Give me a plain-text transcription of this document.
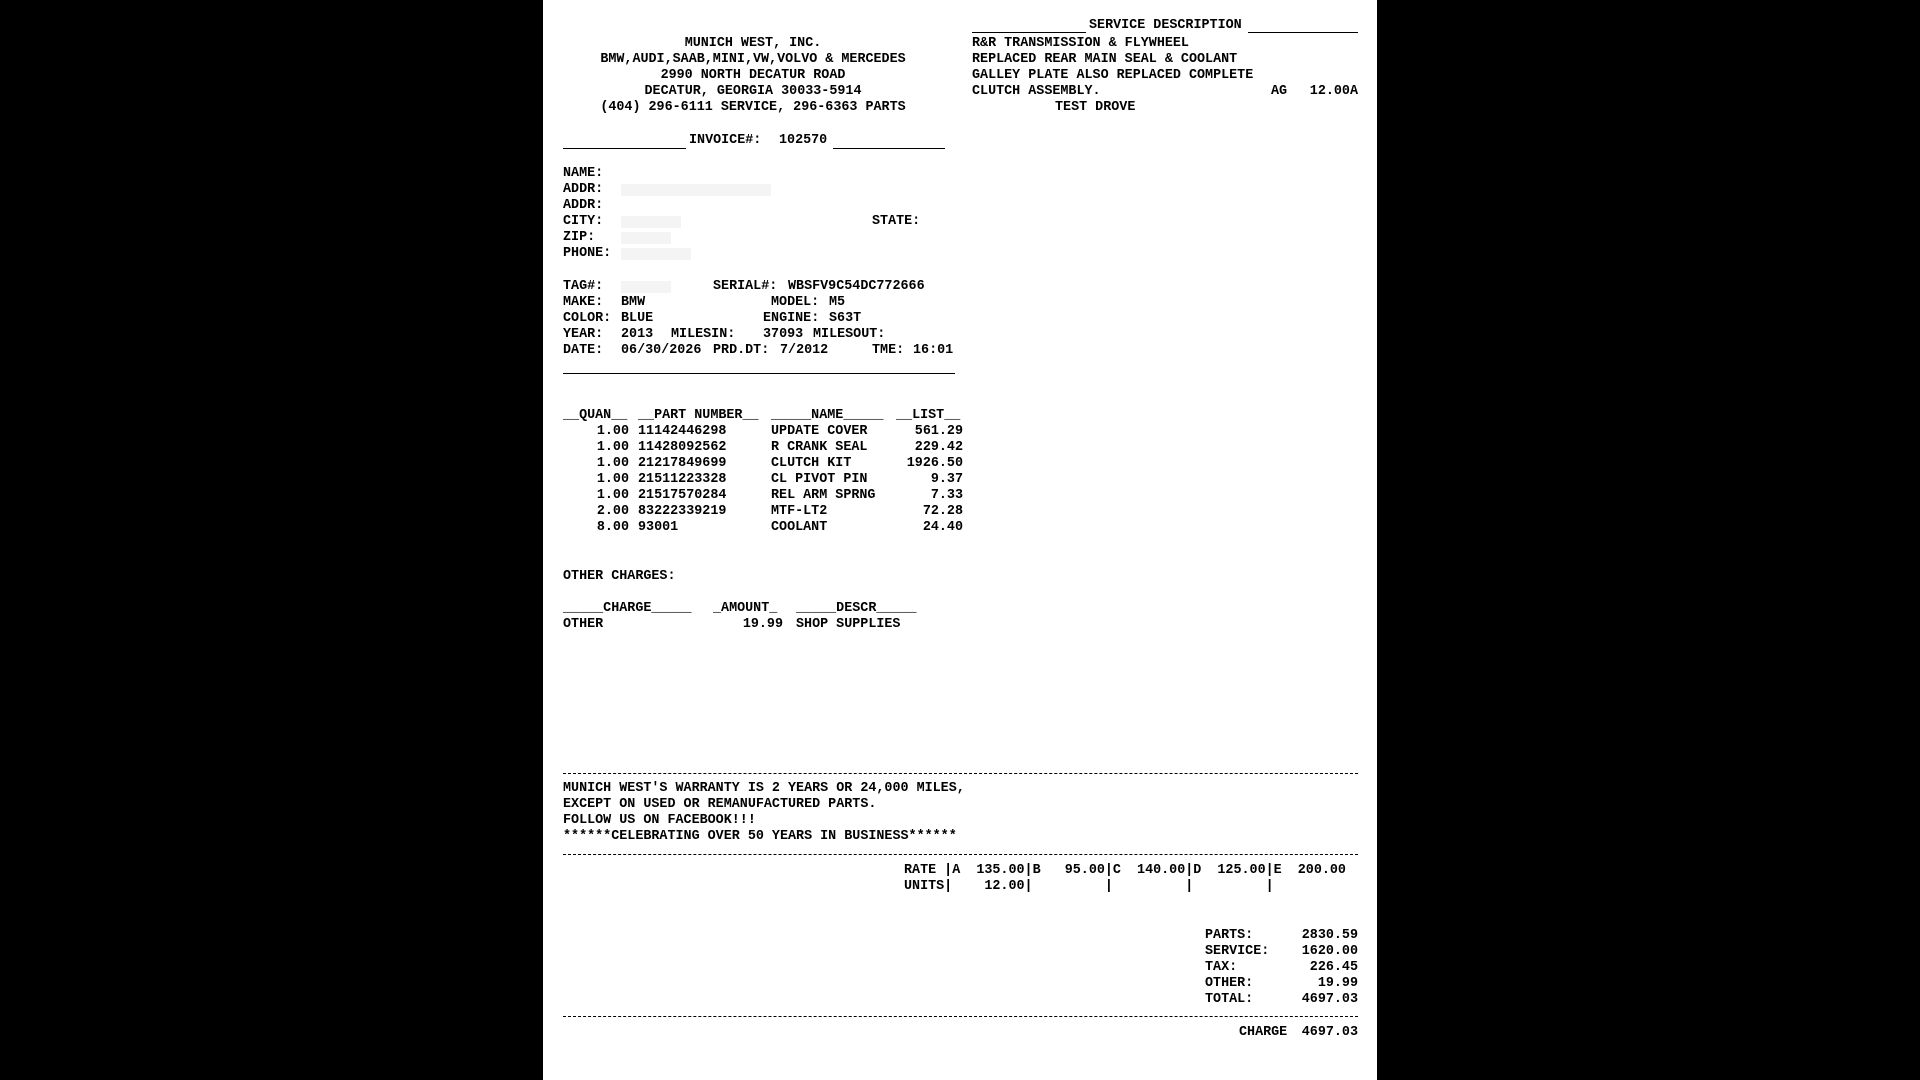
MUNICH WEST, INC.
BMW,AUDI,SAAB,MINI,VW,VOLVO & MERCEDES
2990 NORTH DECATUR ROAD
DECATUR, GEORGIA 30033-5914
(404) 296-6111 SERVICE, 296-6363 PARTS
INVOICE#: 102570
NAME:
ADDR:
ADDR:
CITY:	STATE:
ZIP:
PHONE:
TAG#:	SERIAL#: WBSFV9C54DC772666
MAKE: BMW	MODEL: M5
COLOR: BLUE	ENGINE: S63T
YEAR: 2013 MILESIN: 37093 MILESOUT:
DATE: 06/30/2026 PRD.DT: 7/2012	TME: 16:01
SERVICE DESCRIPTION
R&R TRANSMISSION & FLYWHEEL
REPLACED REAR MAIN SEAL & COOLANT
GALLEY PLATE ALSO REPLACED COMPLETE
CLUTCH ASSEMBLY.	AG	12.00A
TEST DROVE
__QUAN__ __PART NUMBER__ _____NAME_____ __LIST__
1.00 11142446298	UPDATE COVER	561.29
1.00 11428092562	R CRANK SEAL	229.42
1.00 21217849699	CLUTCH KIT	1926.50
1.00 21511223328	CL PIVOT PIN	9.37
1.00 21517570284	REL ARM SPRNG	7.33
2.00 83222339219	MTF-LT2	72.28
8.00 93001	COOLANT	24.40
OTHER CHARGES:
_____CHARGE_____ _AMOUNT_ _____DESCR_____
OTHER	19.99 SHOP SUPPLIES
MUNICH WEST'S WARRANTY IS 2 YEARS OR 24,000 MILES,
EXCEPT ON USED OR REMANUFACTURED PARTS.
FOLLOW US ON FACEBOOK!!!
******CELEBRATING OVER 50 YEARS IN BUSINESS******
RATE |A  135.00|B   95.00|C  140.00|D  125.00|E  200.00
UNITS|    12.00|         |         |         |
PARTS:	2830.59
SERVICE:	1620.00
TAX:	226.45
OTHER:	19.99
TOTAL:	4697.03
CHARGE	4697.03
